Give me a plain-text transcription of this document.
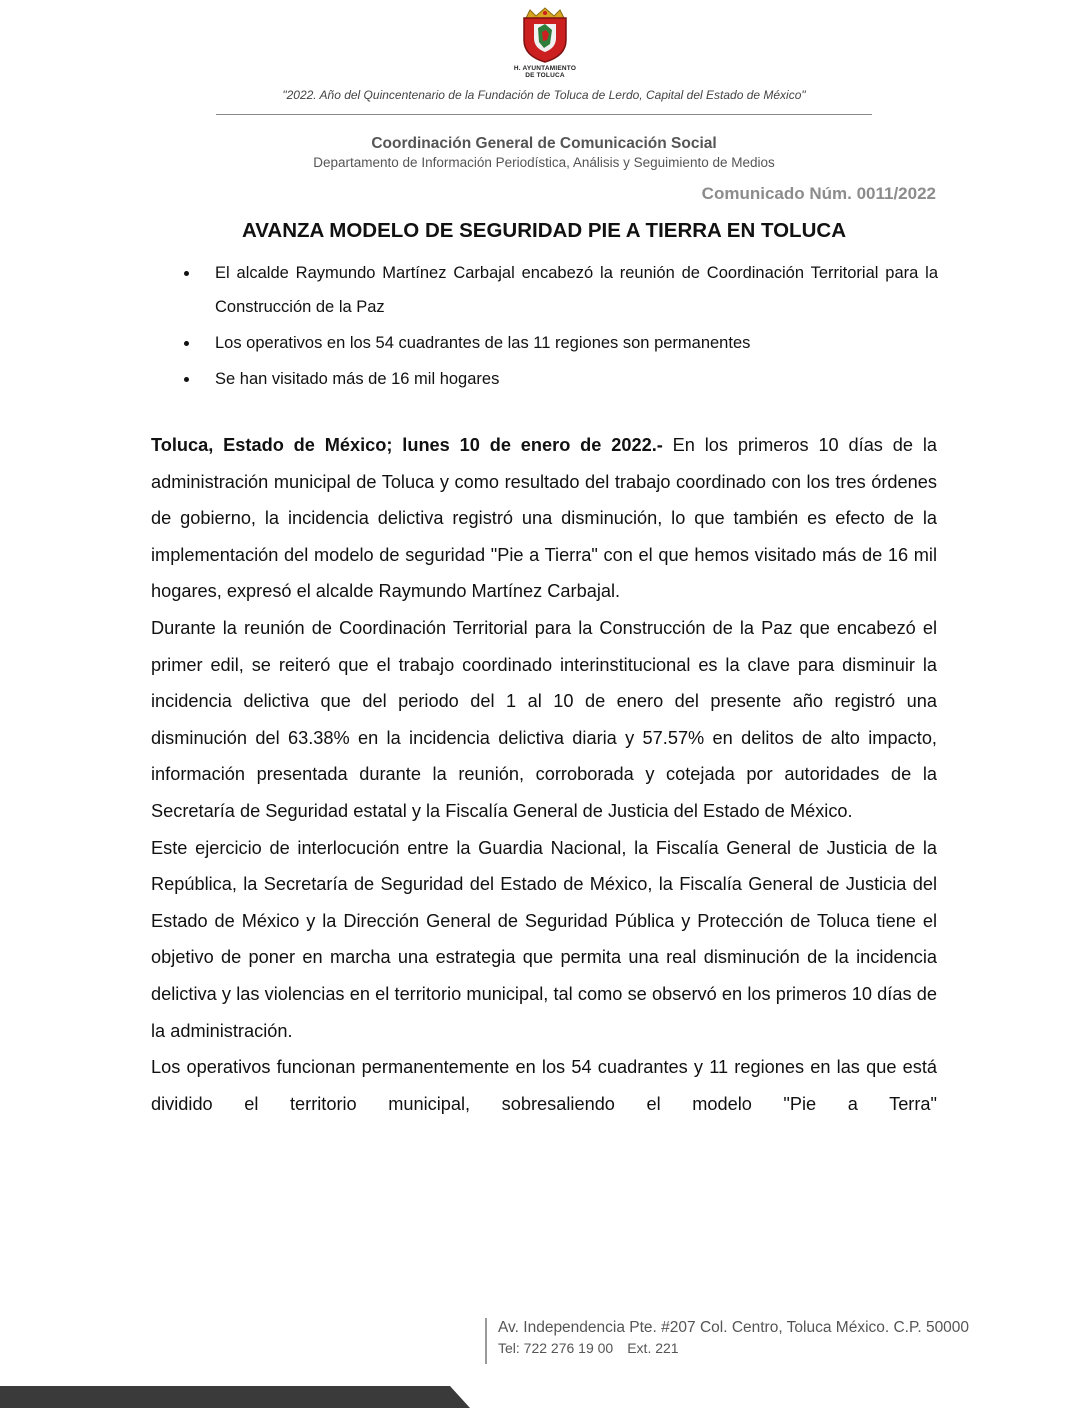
H. AYUNTAMIENTO
DE TOLUCA
"2022. Año del Quincentenario de la Fundación de Toluca de Lerdo, Capital del Estado de México"
Coordinación General de Comunicación Social
Departamento de Información Periodística, Análisis y Seguimiento de Medios
Comunicado Núm. 0011/2022
AVANZA MODELO DE SEGURIDAD PIE A TIERRA EN TOLUCA
El alcalde Raymundo Martínez Carbajal encabezó la reunión de Coordinación Territorial para la Construcción de la Paz
Los operativos en los 54 cuadrantes de las 11 regiones son permanentes
Se han visitado más de 16 mil hogares

Toluca, Estado de México; lunes 10 de enero de 2022.- En los primeros 10 días de la administración municipal de Toluca y como resultado del trabajo coordinado con los tres órdenes de gobierno, la incidencia delictiva registró una disminución, lo que también es efecto de la implementación del modelo de seguridad "Pie a Tierra" con el que hemos visitado más de 16 mil hogares, expresó el alcalde Raymundo Martínez Carbajal.

Durante la reunión de Coordinación Territorial para la Construcción de la Paz que encabezó el primer edil, se reiteró que el trabajo coordinado interinstitucional es la clave para disminuir la incidencia delictiva que del periodo del 1 al 10 de enero del presente año registró una disminución del 63.38% en la incidencia delictiva diaria y 57.57% en delitos de alto impacto, información presentada durante la reunión, corroborada y cotejada por autoridades de la Secretaría de Seguridad estatal y la Fiscalía General de Justicia del Estado de México.

Este ejercicio de interlocución entre la Guardia Nacional, la Fiscalía General de Justicia de la República, la Secretaría de Seguridad del Estado de México, la Fiscalía General de Justicia del Estado de México y la Dirección General de Seguridad Pública y Protección de Toluca tiene el objetivo de poner en marcha una estrategia que permita una real disminución de la incidencia delictiva y las violencias en el territorio municipal, tal como se observó en los primeros 10 días de la administración.

Los operativos funcionan permanentemente en los 54 cuadrantes y 11 regiones en las que está dividido el territorio municipal, sobresaliendo el modelo "Pie a Terra"

Av. Independencia Pte. #207 Col. Centro, Toluca México. C.P. 50000
Tel: 722 276 19 00 Ext. 221
